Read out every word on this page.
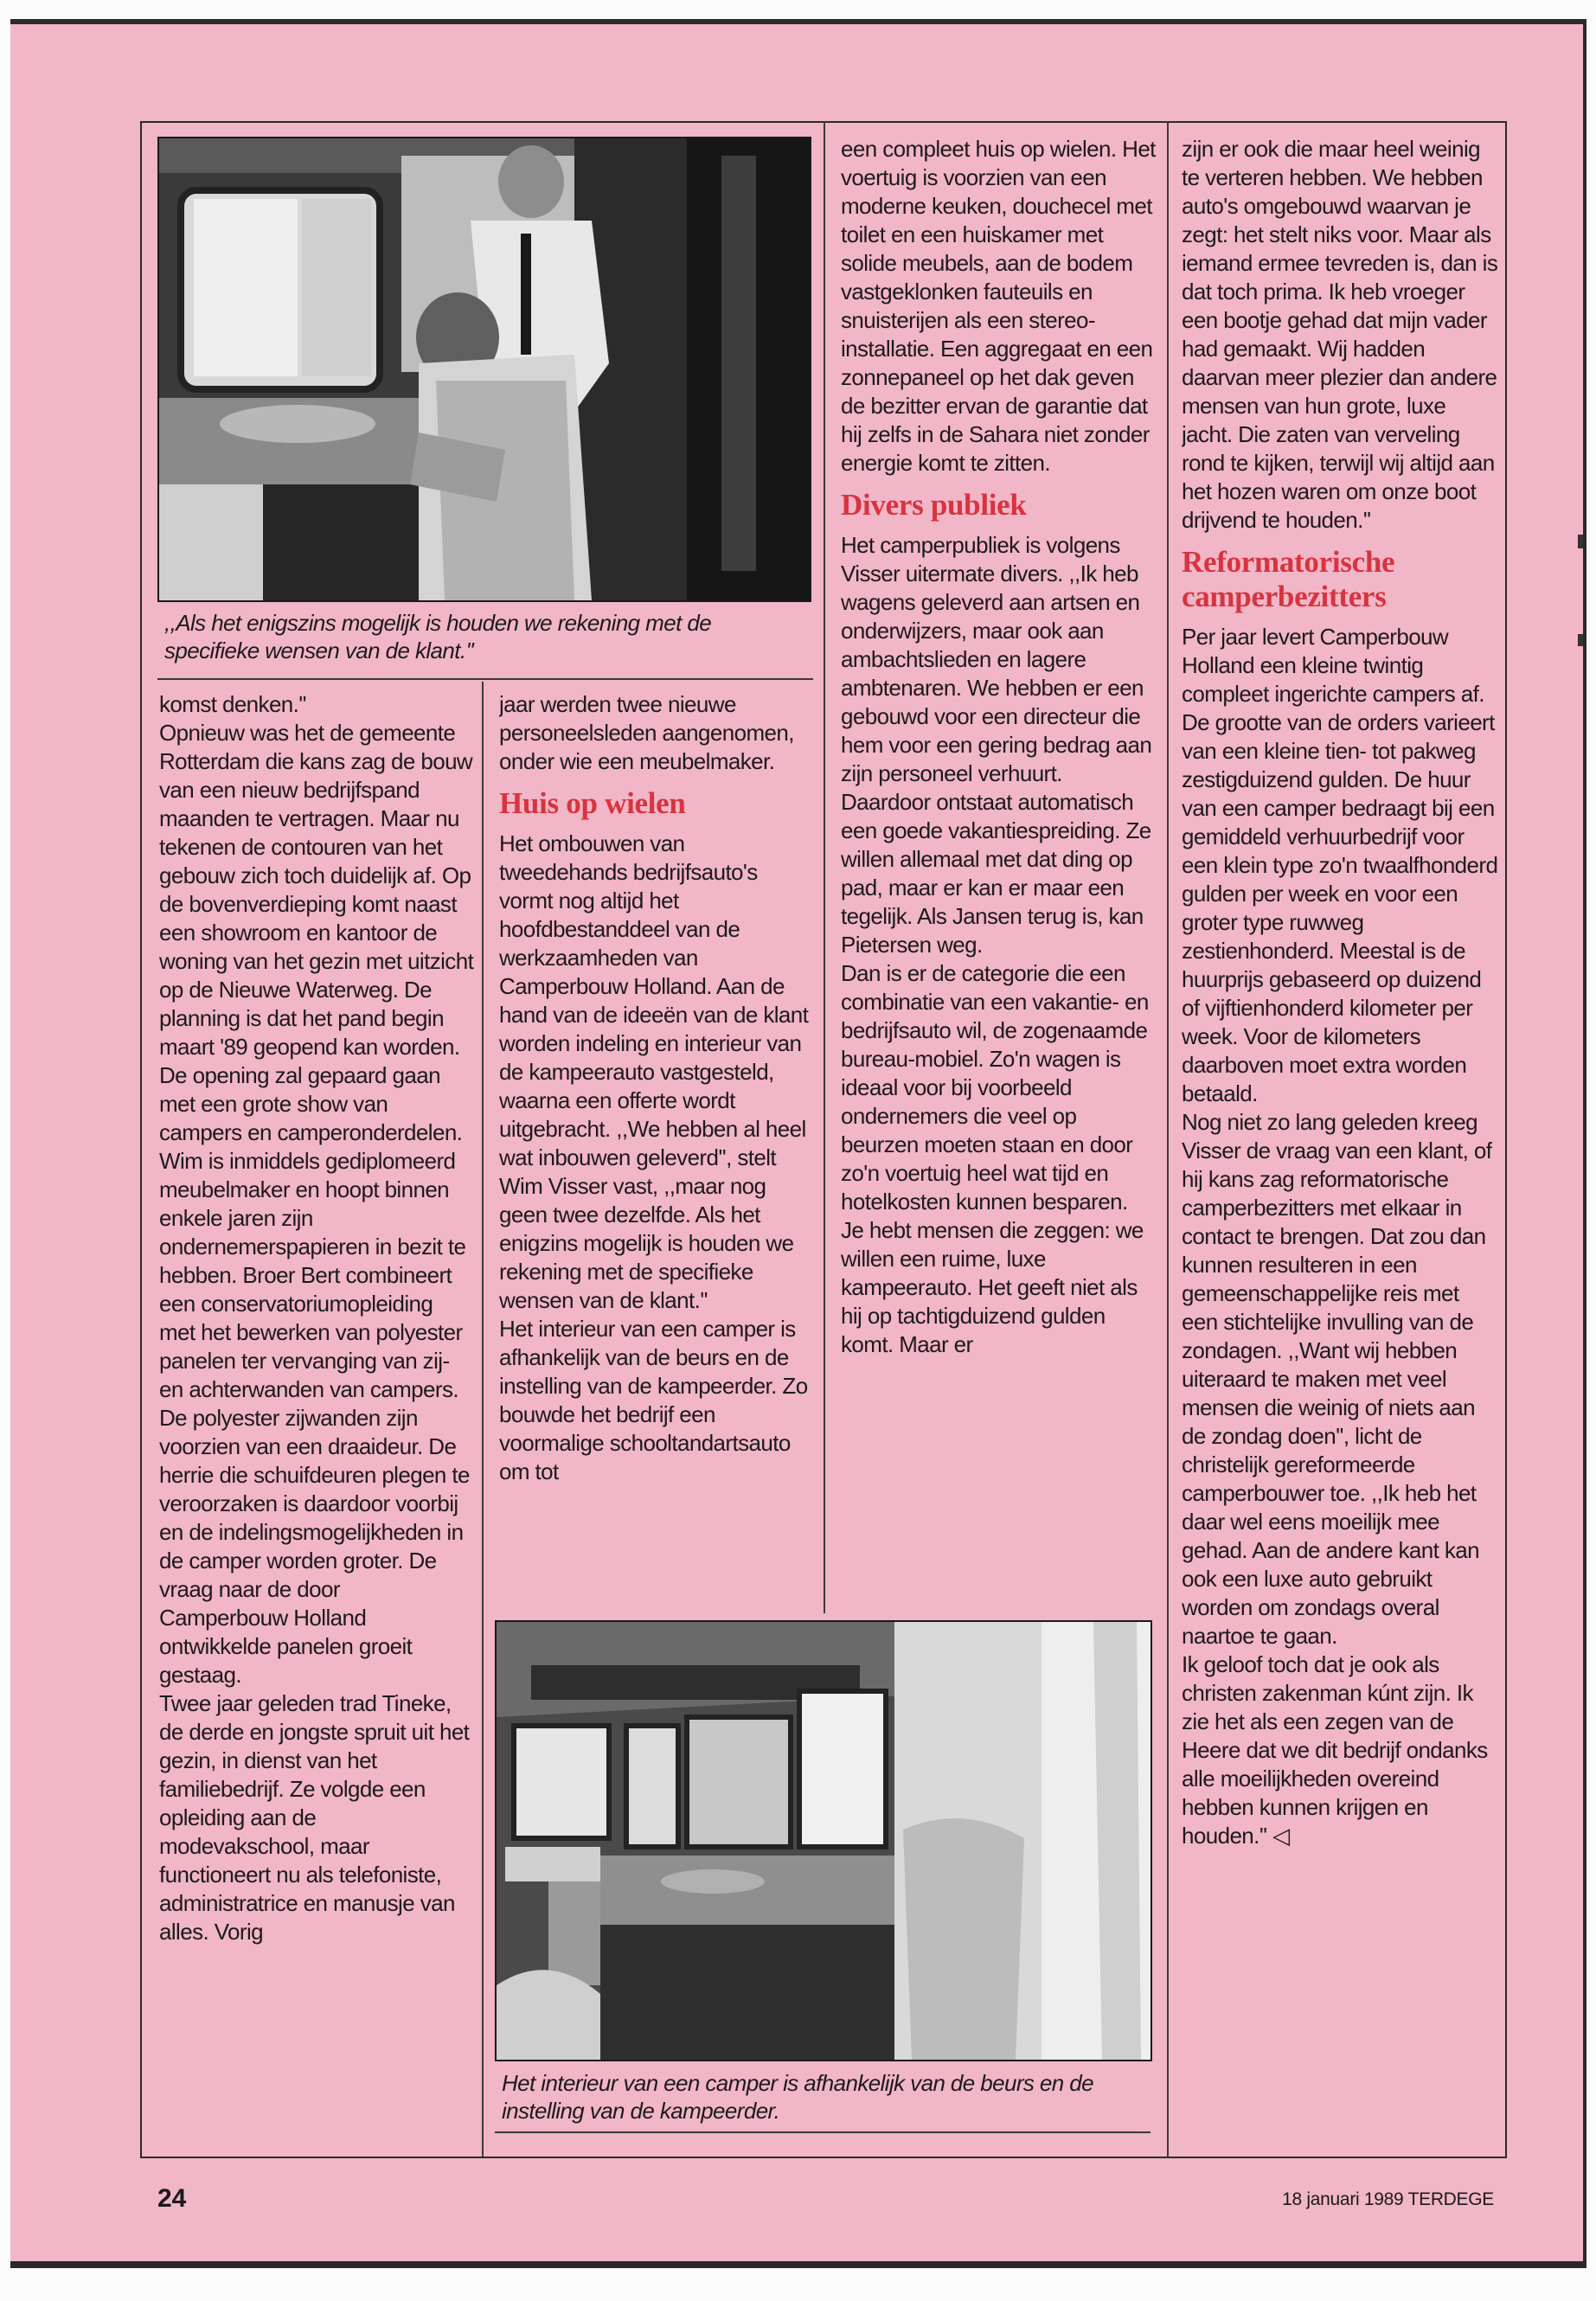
,,Als het enigszins mogelijk is houden we rekening met de specifieke wensen van de klant.''

komst denken.''

Opnieuw was het de gemeente Rotterdam die kans zag de bouw van een nieuw bedrijfspand maanden te vertragen. Maar nu tekenen de contouren van het gebouw zich toch duidelijk af. Op de bovenverdieping komt naast een showroom en kantoor de woning van het gezin met uitzicht op de Nieuwe Waterweg. De planning is dat het pand begin maart '89 geopend kan worden. De opening zal gepaard gaan met een grote show van campers en camperonderdelen.

Wim is inmiddels gediplomeerd meubelmaker en hoopt binnen enkele jaren zijn ondernemerspapieren in bezit te hebben. Broer Bert combineert een conservatoriumopleiding met het bewerken van polyester panelen ter vervanging van zij- en achterwanden van campers. De polyester zijwanden zijn voorzien van een draaideur. De herrie die schuifdeuren plegen te veroorzaken is daardoor voorbij en de indelingsmogelijkheden in de camper worden groter. De vraag naar de door Camperbouw Holland ontwikkelde panelen groeit gestaag.

Twee jaar geleden trad Tineke, de derde en jongste spruit uit het gezin, in dienst van het familiebedrijf. Ze volgde een opleiding aan de modevakschool, maar functioneert nu als telefoniste, administratrice en manusje van alles. Vorig

jaar werden twee nieuwe personeelsleden aangenomen, onder wie een meubelmaker.

Huis op wielen

Het ombouwen van tweedehands bedrijfsauto's vormt nog altijd het hoofdbestanddeel van de werkzaamheden van Camperbouw Holland. Aan de hand van de ideeën van de klant worden indeling en interieur van de kampeerauto vastgesteld, waarna een offerte wordt uitgebracht. ,,We hebben al heel wat inbouwen geleverd'', stelt Wim Visser vast, ,,maar nog geen twee dezelfde. Als het enigzins mogelijk is houden we rekening met de specifieke wensen van de klant.''

Het interieur van een camper is afhankelijk van de beurs en de instelling van de kampeerder. Zo bouwde het bedrijf een voormalige schooltandartsauto om tot

een compleet huis op wielen. Het voertuig is voorzien van een moderne keuken, douchecel met toilet en een huiskamer met solide meubels, aan de bodem vastgeklonken fauteuils en snuisterijen als een stereo-installatie. Een aggregaat en een zonnepaneel op het dak geven de bezitter ervan de garantie dat hij zelfs in de Sahara niet zonder energie komt te zitten.

Divers publiek

Het camperpubliek is volgens Visser uitermate divers. ,,Ik heb wagens geleverd aan artsen en onderwijzers, maar ook aan ambachtslieden en lagere ambtenaren. We hebben er een gebouwd voor een directeur die hem voor een gering bedrag aan zijn personeel verhuurt. Daardoor ontstaat automatisch een goede vakantiespreiding. Ze willen allemaal met dat ding op pad, maar er kan er maar een tegelijk. Als Jansen terug is, kan Pietersen weg.

Dan is er de categorie die een combinatie van een vakantie- en bedrijfsauto wil, de zogenaamde bureau-mobiel. Zo'n wagen is ideaal voor bij voorbeeld ondernemers die veel op beurzen moeten staan en door zo'n voertuig heel wat tijd en hotelkosten kunnen besparen.

Je hebt mensen die zeggen: we willen een ruime, luxe kampeerauto. Het geeft niet als hij op tachtigduizend gulden komt. Maar er

Het interieur van een camper is afhankelijk van de beurs en de instelling van de kampeerder.

zijn er ook die maar heel weinig te verteren hebben. We hebben auto's omgebouwd waarvan je zegt: het stelt niks voor. Maar als iemand ermee tevreden is, dan is dat toch prima. Ik heb vroeger een bootje gehad dat mijn vader had gemaakt. Wij hadden daarvan meer plezier dan andere mensen van hun grote, luxe jacht. Die zaten van verveling rond te kijken, terwijl wij altijd aan het hozen waren om onze boot drijvend te houden.''

Reformatorische camperbezitters

Per jaar levert Camperbouw Holland een kleine twintig compleet ingerichte campers af. De grootte van de orders varieert van een kleine tien- tot pakweg zestigduizend gulden. De huur van een camper bedraagt bij een gemiddeld verhuurbedrijf voor een klein type zo'n twaalfhonderd gulden per week en voor een groter type ruwweg zestienhonderd. Meestal is de huurprijs gebaseerd op duizend of vijftienhonderd kilometer per week. Voor de kilometers daarboven moet extra worden betaald.

Nog niet zo lang geleden kreeg Visser de vraag van een klant, of hij kans zag reformatorische camperbezitters met elkaar in contact te brengen. Dat zou dan kunnen resulteren in een gemeenschappelijke reis met een stichtelijke invulling van de zondagen. ,,Want wij hebben uiteraard te maken met veel mensen die weinig of niets aan de zondag doen'', licht de christelijk gereformeerde camperbouwer toe. ,,Ik heb het daar wel eens moeilijk mee gehad. Aan de andere kant kan ook een luxe auto gebruikt worden om zondags overal naartoe te gaan.

Ik geloof toch dat je ook als christen zakenman kúnt zijn. Ik zie het als een zegen van de Heere dat we dit bedrijf ondanks alle moeilijkheden overeind hebben kunnen krijgen en houden.'' ◁

24	18 januari 1989 TERDEGE
